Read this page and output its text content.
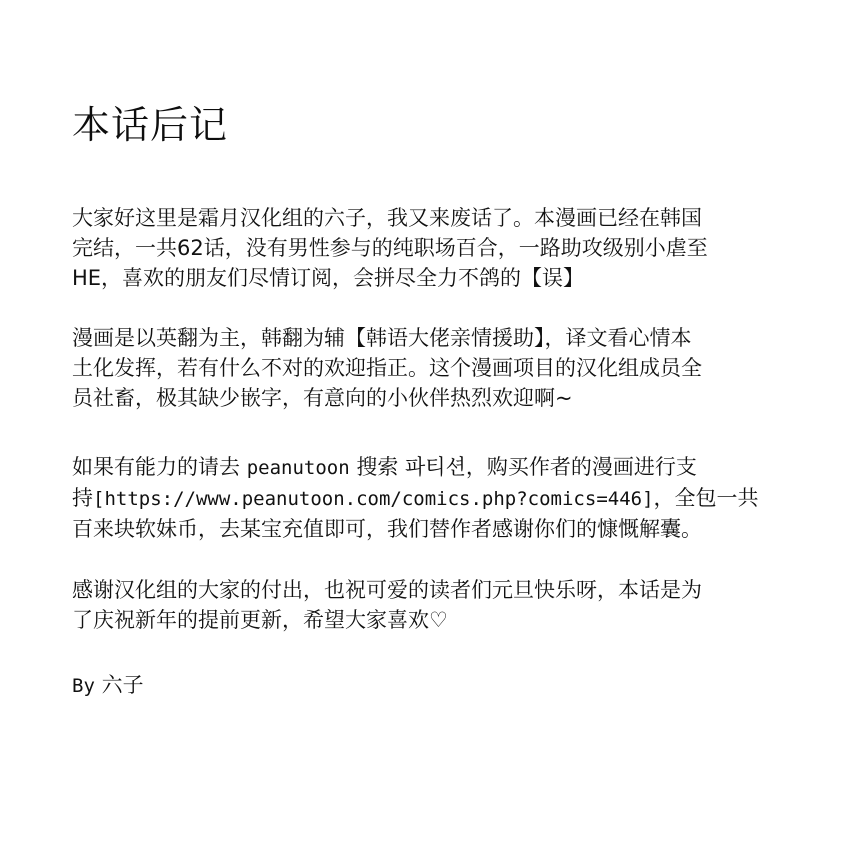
本话后记
大家好这里是霜月汉化组的六子，我又来废话了。本漫画已经在韩国
完结，一共62话，没有男性参与的纯职场百合，一路助攻级别小虐至
HE，喜欢的朋友们尽情订阅，会拼尽全力不鸽的【误】
漫画是以英翻为主，韩翻为辅【韩语大佬亲情援助】，译文看心情本
土化发挥，若有什么不对的欢迎指正。这个漫画项目的汉化组成员全
员社畜，极其缺少嵌字，有意向的小伙伴热烈欢迎啊~
如果有能力的请去 peanutoon 搜索 파티션，购买作者的漫画进行支
持[https://www.peanutoon.com/comics.php?comics=446]，全包一共
百来块软妹币，去某宝充值即可，我们替作者感谢你们的慷慨解囊。
感谢汉化组的大家的付出，也祝可爱的读者们元旦快乐呀，本话是为
了庆祝新年的提前更新，希望大家喜欢♡
By 六子
